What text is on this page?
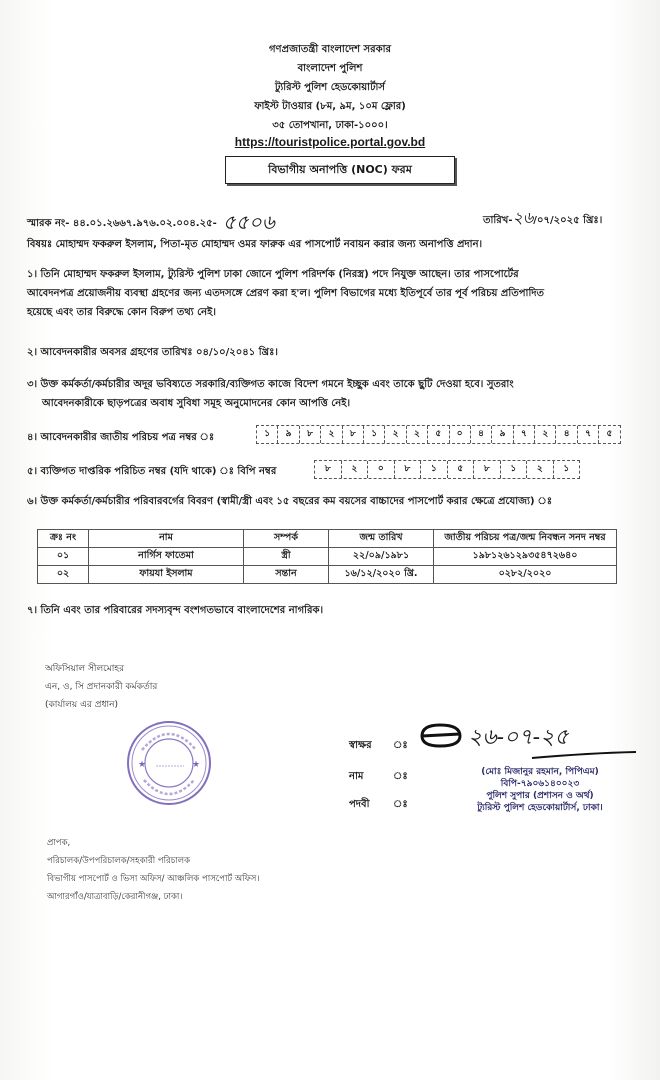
গণপ্রজাতন্ত্রী বাংলাদেশ সরকার
বাংলাদেশ পুলিশ
ট্যুরিস্ট পুলিশ হেডকোয়ার্টার্স
ফাইস্ট টাওয়ার (৮ম, ৯ম, ১০ম ফ্লোর)
৩৫ তোপখানা, ঢাকা-১০০০।
https://touristpolice.portal.gov.bd
বিভাগীয় অনাপত্তি (NOC) ফরম
স্মারক নং- ৪৪.০১.২৬৬৭.৯৭৬.০২.০০৪.২৫- ৫৫০৬	তারিখ-২৬/০৭/২০২৫ খ্রিঃ।
বিষয়ঃ মোহাম্মদ ফকরুল ইসলাম, পিতা-মৃত মোহাম্মদ ওমর ফারুক এর পাসপোর্ট নবায়ন করার জন্য অনাপত্তি প্রদান।
১। তিনি মোহাম্মদ ফকরুল ইসলাম, ট্যুরিস্ট পুলিশ ঢাকা জোনে পুলিশ পরিদর্শক (নিরস্ত্র) পদে নিযুক্ত আছেন। তার পাসপোর্টের
আবেদনপত্র প্রয়োজনীয় ব্যবস্থা গ্রহণের জন্য এতদসঙ্গে প্রেরণ করা হ'ল। পুলিশ বিভাগের মধ্যে ইতিপূর্বে তার পূর্ব পরিচয় প্রতিপাদিত
হয়েছে এবং তার বিরুদ্ধে কোন বিরুপ তথ্য নেই।
২। আবেদনকারীর অবসর গ্রহণের তারিখঃ ০৪/১০/২০৪১ খ্রিঃ।
৩। উক্ত কর্মকর্তা/কর্মচারীর অদূর ভবিষ্যতে সরকারি/ব্যক্তিগত কাজে বিদেশ গমনে ইচ্ছুক এবং তাকে ছুটি দেওয়া হবে। সুতরাং
আবেদনকারীকে ছাড়পত্রের অবাধ সুবিধা সমূহ অনুমোদনের কোন আপত্তি নেই।
৪। আবেদনকারীর জাতীয় পরিচয় পত্র নম্বর ঃ	১	৯	৮	২	৮	১	২	২	৫	০	৪	৯	৭	২	৪	৭	৫
৫। ব্যক্তিগত দাপ্তরিক পরিচিত নম্বর (যদি থাকে) ঃ বিপি নম্বর	৮	২	০	৮	১	৫	৮	১	২	১
৬। উক্ত কর্মকর্তা/কর্মচারীর পরিবারবর্গের বিবরণ (স্বামী/স্ত্রী এবং ১৫ বছরের কম বয়সের বাচ্চাদের পাসপোর্ট করার ক্ষেত্রে প্রযোজ্য) ঃ
ক্রঃ নং	নাম	সম্পর্ক	জন্ম তারিখ	জাতীয় পরিচয় পত্র/জন্ম নিবন্ধন সনদ নম্বর
০১	নার্গিস ফাতেমা	স্ত্রী	২২/০৯/১৯৮১	১৯৮১২৬১২৯৩৫৪৭২৬৪০
০২	ফায়যা ইসলাম	সন্তান	১৬/১২/২০২০ খ্রি.	০২৮২/২০২০
৭। তিনি এবং তার পরিবারের সদস্যবৃন্দ বংশগতভাবে বাংলাদেশের নাগরিক।
অফিসিয়াল সীলমোহর
এন, ও, সি প্রদানকারী কর্মকর্তার
(কার্যালয় এর প্রধান)
★	★
স্বাক্ষর ঃ
নাম	ঃ
পদবী ঃ
২৬-০৭-২৫
(মোঃ মিজানুর রহমান, পিপিএম)
বিপি-৭৯০৬১৪০০২৩
পুলিশ সুপার (প্রশাসন ও অর্থ)
ট্যুরিস্ট পুলিশ হেডকোয়ার্টার্স, ঢাকা।
প্রাপক,
পরিচালক/উপপরিচালক/সহকারী পরিচালক
বিভাগীয় পাসপোর্ট ও ভিসা অফিস/ আঞ্চলিক পাসপোর্ট অফিস।
আগারগাঁও/যাত্রাবাড়ি/কেরানীগঞ্জ, ঢাকা।
